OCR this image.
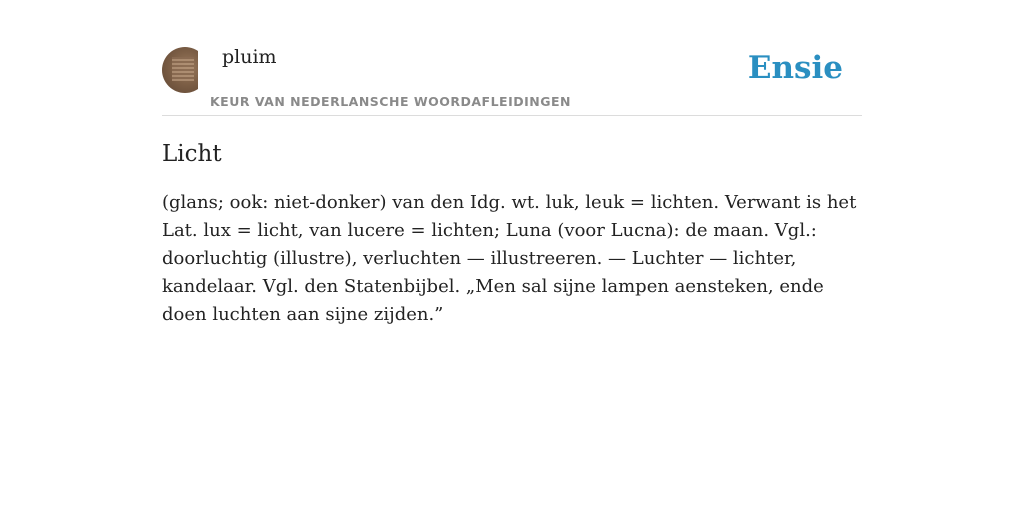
pluim
KEUR VAN NEDERLANSCHE WOORDAFLEIDINGEN
Ensie
Licht

(glans; ook: niet-donker) van den Idg. wt. luk, leuk = lichten. Verwant is het Lat. lux = licht, van lucere = lichten; Luna (voor Lucna): de maan. Vgl.: doorluchtig (illustre), verluchten — illustreeren. — Luchter — lichter, kandelaar. Vgl. den Statenbijbel. „Men sal sijne lampen aensteken, ende doen luchten aan sijne zijden.”
